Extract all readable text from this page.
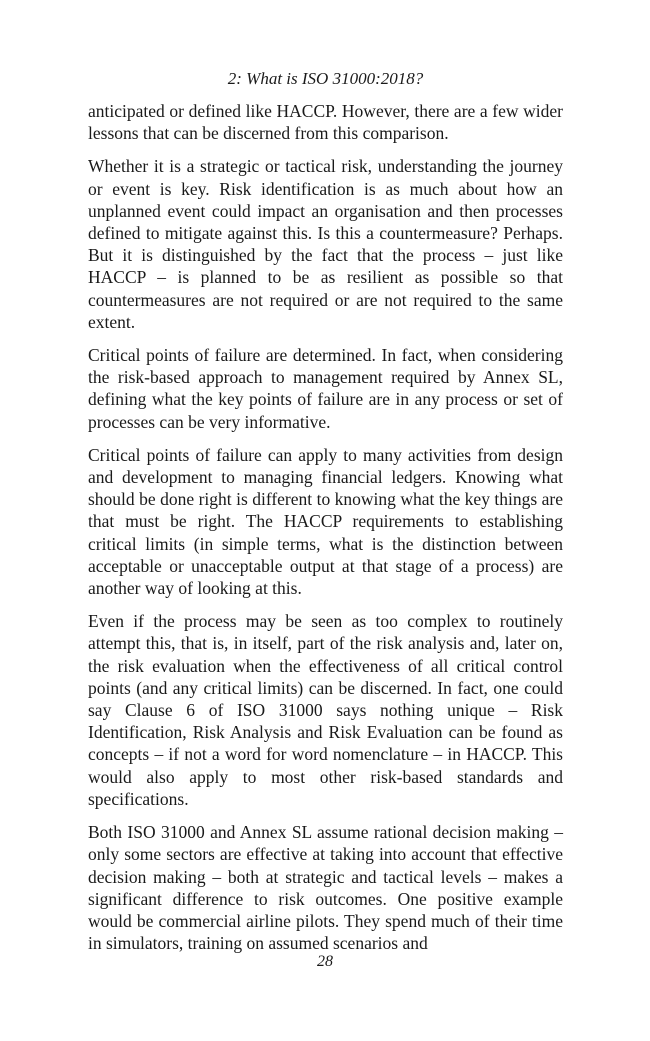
2: What is ISO 31000:2018?

anticipated or defined like HACCP. However, there are a few wider lessons that can be discerned from this comparison.

Whether it is a strategic or tactical risk, understanding the journey or event is key. Risk identification is as much about how an unplanned event could impact an organisation and then processes defined to mitigate against this. Is this a countermeasure? Perhaps. But it is distinguished by the fact that the process – just like HACCP – is planned to be as resilient as possible so that countermeasures are not required or are not required to the same extent.

Critical points of failure are determined. In fact, when considering the risk-based approach to management required by Annex SL, defining what the key points of failure are in any process or set of processes can be very informative.

Critical points of failure can apply to many activities from design and development to managing financial ledgers. Knowing what should be done right is different to knowing what the key things are that must be right. The HACCP requirements to establishing critical limits (in simple terms, what is the distinction between acceptable or unacceptable output at that stage of a process) are another way of looking at this.

Even if the process may be seen as too complex to routinely attempt this, that is, in itself, part of the risk analysis and, later on, the risk evaluation when the effectiveness of all critical control points (and any critical limits) can be discerned. In fact, one could say Clause 6 of ISO 31000 says nothing unique – Risk Identification, Risk Analysis and Risk Evaluation can be found as concepts – if not a word for word nomenclature – in HACCP. This would also apply to most other risk-based standards and specifications.

Both ISO 31000 and Annex SL assume rational decision making – only some sectors are effective at taking into account that effective decision making – both at strategic and tactical levels – makes a significant difference to risk outcomes. One positive example would be commercial airline pilots. They spend much of their time in simulators, training on assumed scenarios and

28
